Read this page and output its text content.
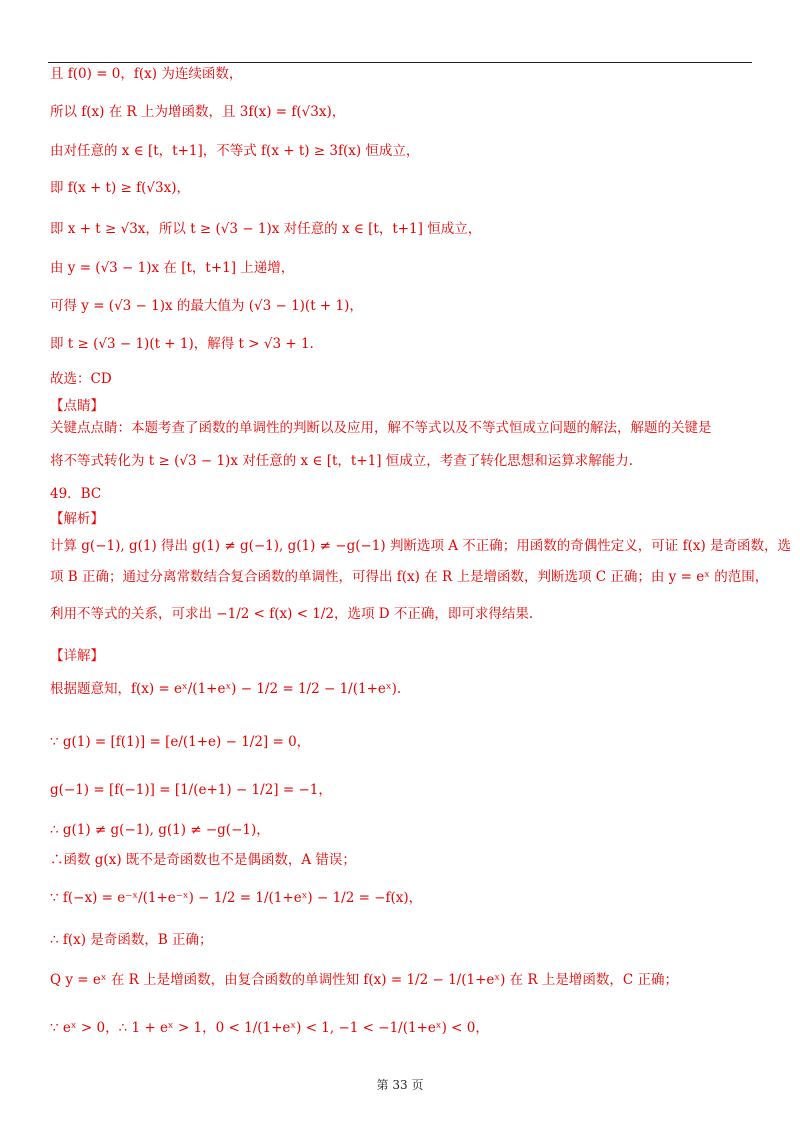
且 f(0) = 0，f(x) 为连续函数，
所以 f(x) 在 R 上为增函数，且 3f(x) = f(√3x)，
由对任意的 x ∈ [t，t+1]，不等式 f(x + t) ≥ 3f(x) 恒成立，
即 f(x + t) ≥ f(√3x)，
即 x + t ≥ √3x，所以 t ≥ (√3 − 1)x 对任意的 x ∈ [t，t+1] 恒成立，
由 y = (√3 − 1)x 在 [t，t+1] 上递增，
可得 y = (√3 − 1)x 的最大值为 (√3 − 1)(t + 1)，
即 t ≥ (√3 − 1)(t + 1)，解得 t > √3 + 1.
故选：CD
【点睛】
关键点点睛：本题考查了函数的单调性的判断以及应用，解不等式以及不等式恒成立问题的解法，解题的关键是
将不等式转化为 t ≥ (√3 − 1)x 对任意的 x ∈ [t，t+1] 恒成立，考查了转化思想和运算求解能力.
49．BC
【解析】
计算 g(−1), g(1) 得出 g(1) ≠ g(−1), g(1) ≠ −g(−1) 判断选项 A 不正确；用函数的奇偶性定义，可证 f(x) 是奇函数，选
项 B 正确；通过分离常数结合复合函数的单调性，可得出 f(x) 在 R 上是增函数，判断选项 C 正确；由 y = eˣ 的范围，
利用不等式的关系，可求出 −1/2 < f(x) < 1/2，选项 D 不正确，即可求得结果.
【详解】
根据题意知，f(x) = eˣ/(1+eˣ) − 1/2 = 1/2 − 1/(1+eˣ).
∵ g(1) = [f(1)] = [e/(1+e) − 1/2] = 0，
g(−1) = [f(−1)] = [1/(e+1) − 1/2] = −1，
∴ g(1) ≠ g(−1), g(1) ≠ −g(−1)，
∴函数 g(x) 既不是奇函数也不是偶函数，A 错误；
∵ f(−x) = e⁻ˣ/(1+e⁻ˣ) − 1/2 = 1/(1+eˣ) − 1/2 = −f(x)，
∴ f(x) 是奇函数，B 正确；
Q y = eˣ 在 R 上是增函数，由复合函数的单调性知 f(x) = 1/2 − 1/(1+eˣ) 在 R 上是增函数，C 正确；
∵ eˣ > 0，∴ 1 + eˣ > 1，0 < 1/(1+eˣ) < 1, −1 < −1/(1+eˣ) < 0，
第 33 页
